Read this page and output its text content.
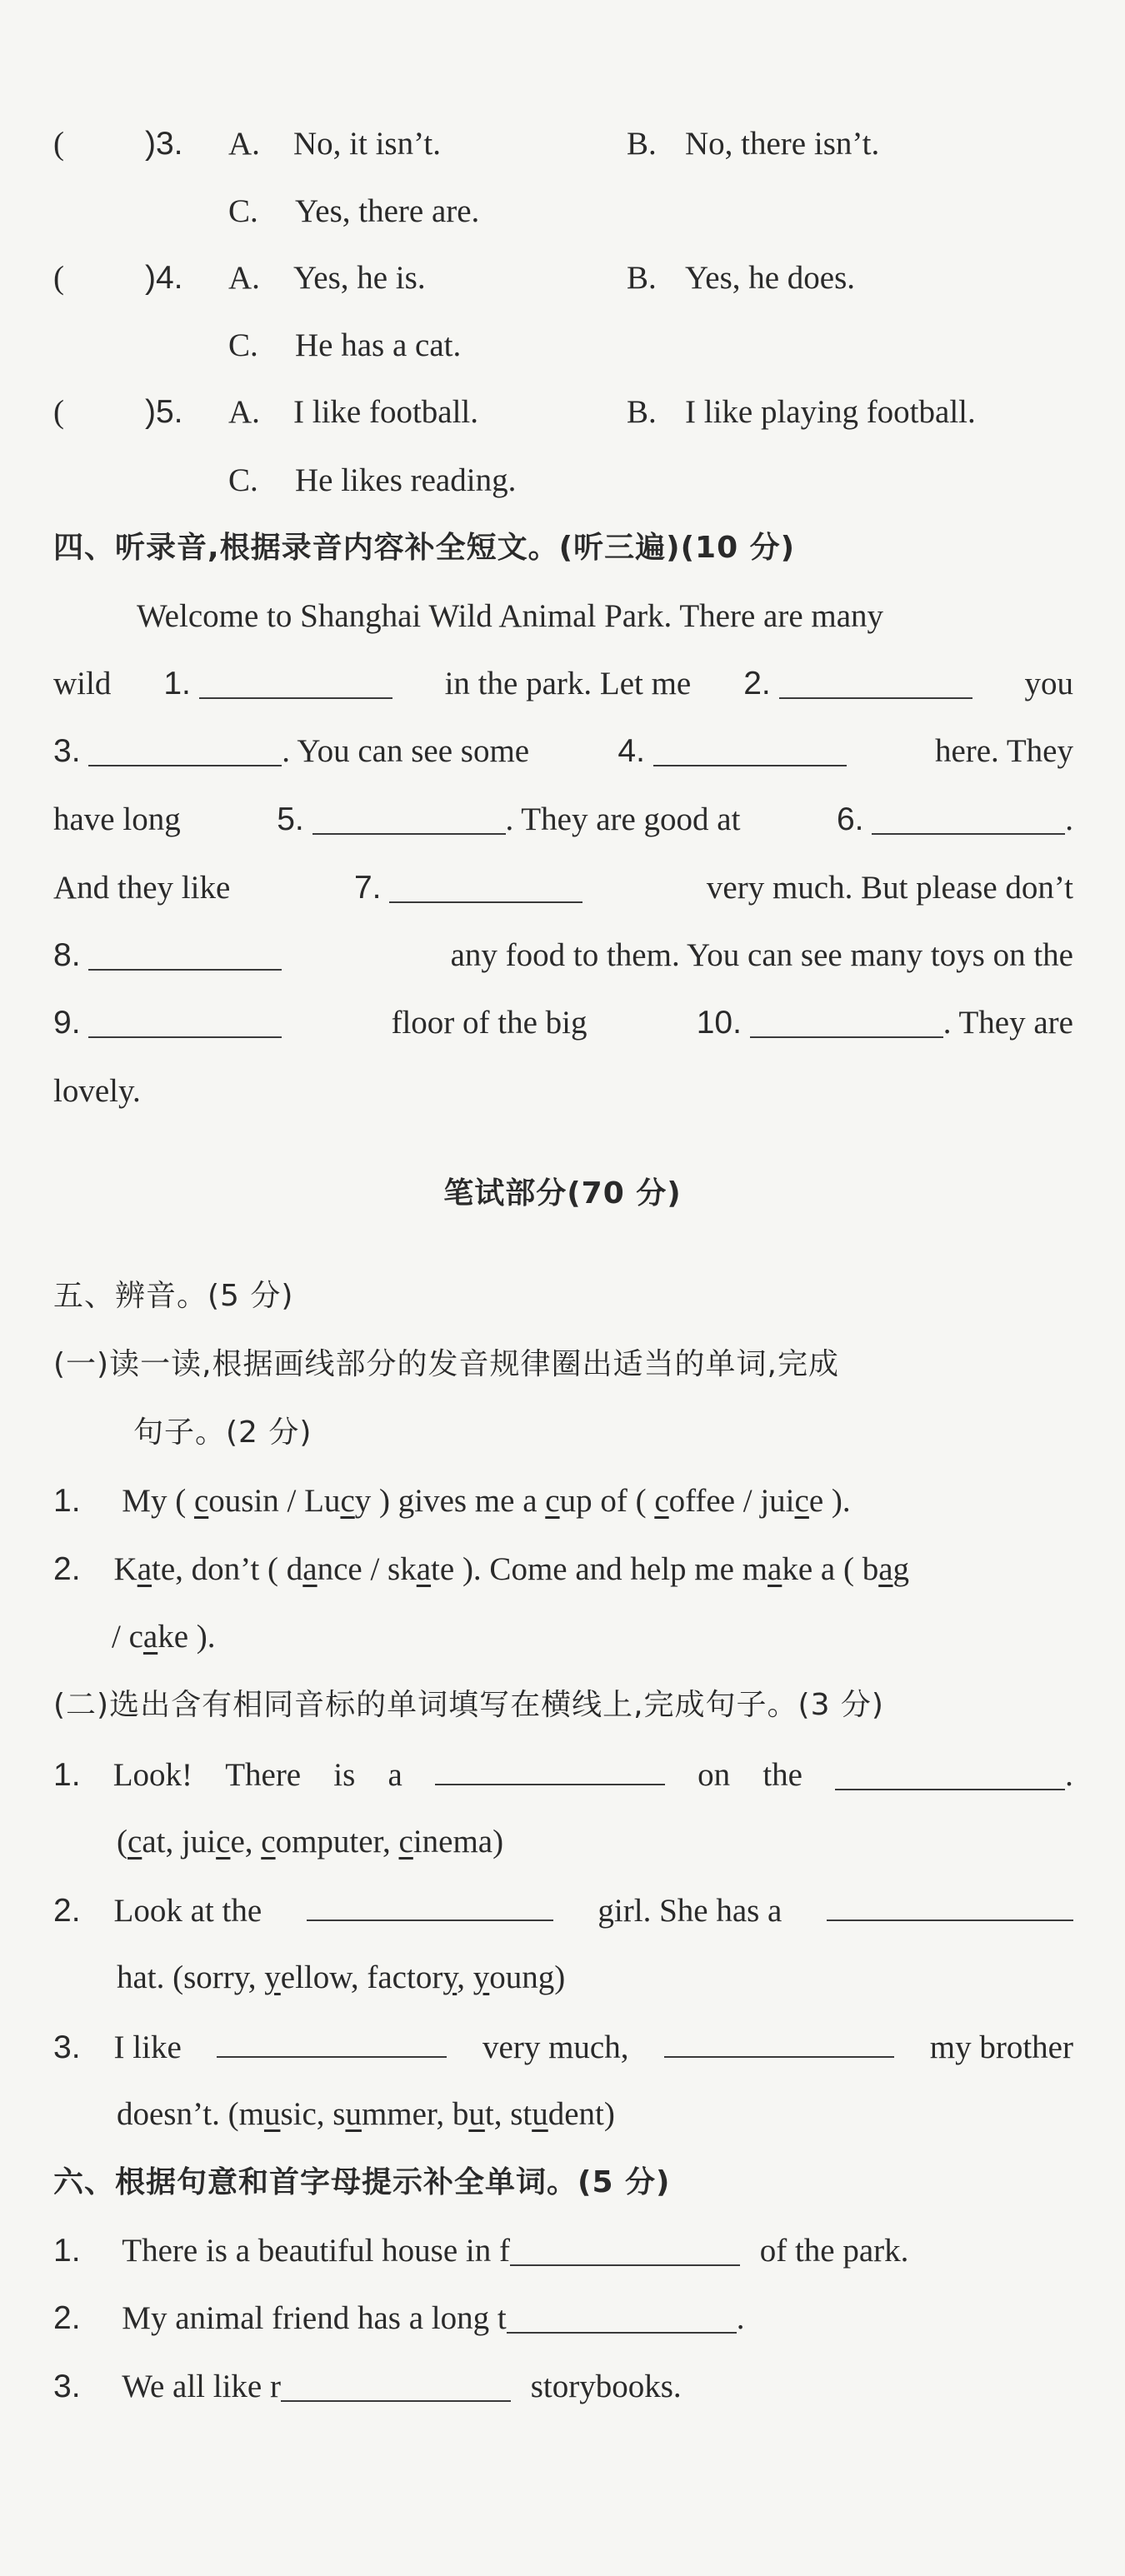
( )3. A. No, it isn’t.	B. No, there isn’t.
C. Yes, there are.
( )4. A. Yes, he is.	B. Yes, he does.
C. He has a cat.
( )5. A. I like football.	B. I like playing football.
C. He likes reading.
四、听录音,根据录音内容补全短文。(听三遍)(10 分)
Welcome to Shanghai Wild Animal Park. There are many
wild 1.	in the park. Let me 2.	you
3.	. You can see some	4.	here. They
have long	5.	. They are good at	6.	.
And they like	7.	very much. But please don’t
8.	any food to them. You can see many toys on the
9.	floor of the big	10.	. They are
lovely.
笔试部分(70 分)
五、辨音。(5 分)
(一)读一读,根据画线部分的发音规律圈出适当的单词,完成
句子。(2 分)
1. My ( cousin / Lucy ) gives me a cup of ( coffee / juice ).
2. Kate, don’t ( dance / skate ). Come and help me make a ( bag
/ cake ).
(二)选出含有相同音标的单词填写在横线上,完成句子。(3 分)
1. Look! There is a	on the	.
(cat, juice, computer, cinema)
2. Look at the	girl. She has a
hat. (sorry, yellow, factory, young)
3. I like	very much,	my brother
doesn’t. (music, summer, but, student)
六、根据句意和首字母提示补全单词。(5 分)
1. There is a beautiful house in f	of the park.
2. My animal friend has a long t	.
3. We all like r	storybooks.
